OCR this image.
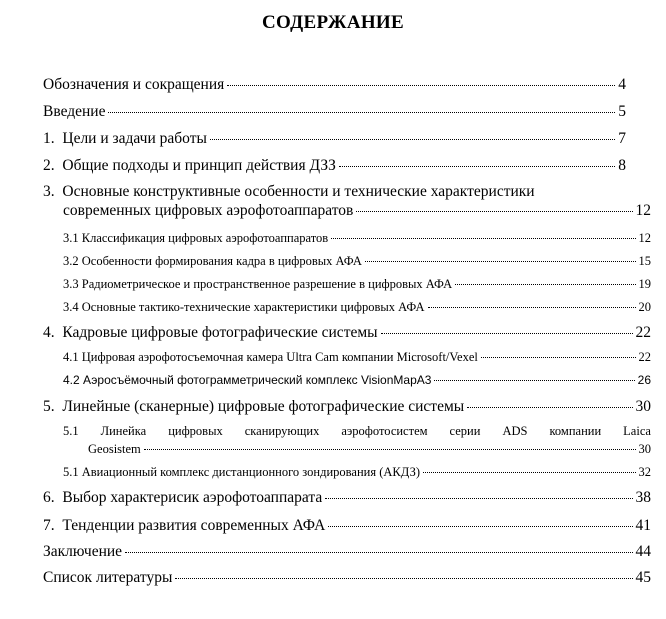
СОДЕРЖАНИЕ
Обозначения и сокращения	4
Введение	5
1.  Цели и задачи работы	7
2.  Общие подходы и принцип действия ДЗЗ	8
3.  Основные конструктивные особенности и технические характеристики
современных цифровых аэрофотоаппаратов	12
3.1 Классификация цифровых аэрофотоаппаратов	12
3.2 Особенности формирования кадра в цифровых АФА	15
3.3 Радиометрическое и пространственное разрешение в цифровых АФА	19
3.4 Основные тактико-технические характеристики цифровых АФА	20
4.  Кадровые цифровые фотографические системы	22
4.1 Цифровая аэрофотосъемочная камера Ultra Cam компании Microsoft/Vexel	22
4.2 Аэросъёмочный фотограмметрический комплекс VisionMapA3	26
5.  Линейные (сканерные) цифровые фотографические системы	30
5.1 Линейка цифровых сканирующих аэрофотосистем серии ADS компании Laica
Geosistem	30
5.1 Авиационный комплекс дистанционного зондирования (АКДЗ)	32
6.  Выбор характерисик аэрофотоаппарата	38
7.  Тенденции развития современных АФА	41
Заключение	44
Список литературы	45
